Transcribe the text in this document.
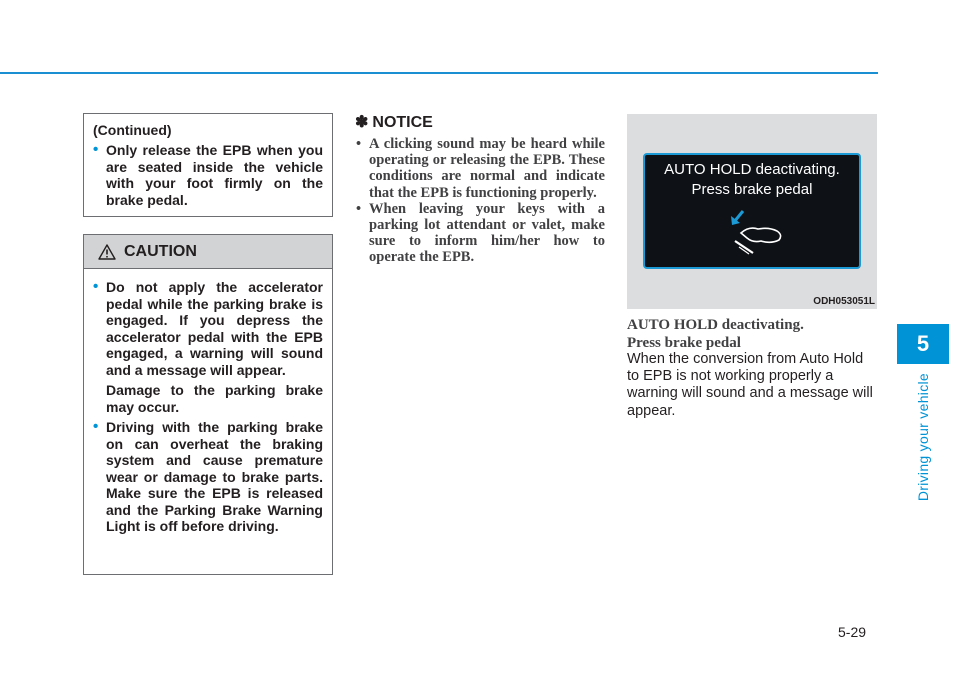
5
Driving your vehicle
(Continued)
• Only release the EPB when you are seated inside the vehicle with your foot firmly on the brake pedal.
CAUTION
• Do not apply the accelerator pedal while the parking brake is engaged. If you depress the accelerator pedal with the EPB engaged, a warning will sound and a message will appear.
Damage to the parking brake may occur.
• Driving with the parking brake on can overheat the braking system and cause premature wear or damage to brake parts. Make sure the EPB is released and the Parking Brake Warning Light is off before driving.
✽ NOTICE
• A clicking sound may be heard while operating or releasing the EPB. These conditions are normal and indicate that the EPB is functioning properly.
• When leaving your keys with a parking lot attendant or valet, make sure to inform him/her how to operate the EPB.
AUTO HOLD deactivating.
Press brake pedal
ODH053051L
AUTO HOLD deactivating.
Press brake pedal
When the conversion from Auto Hold to EPB is not working properly a warning will sound and a message will appear.
5-29
